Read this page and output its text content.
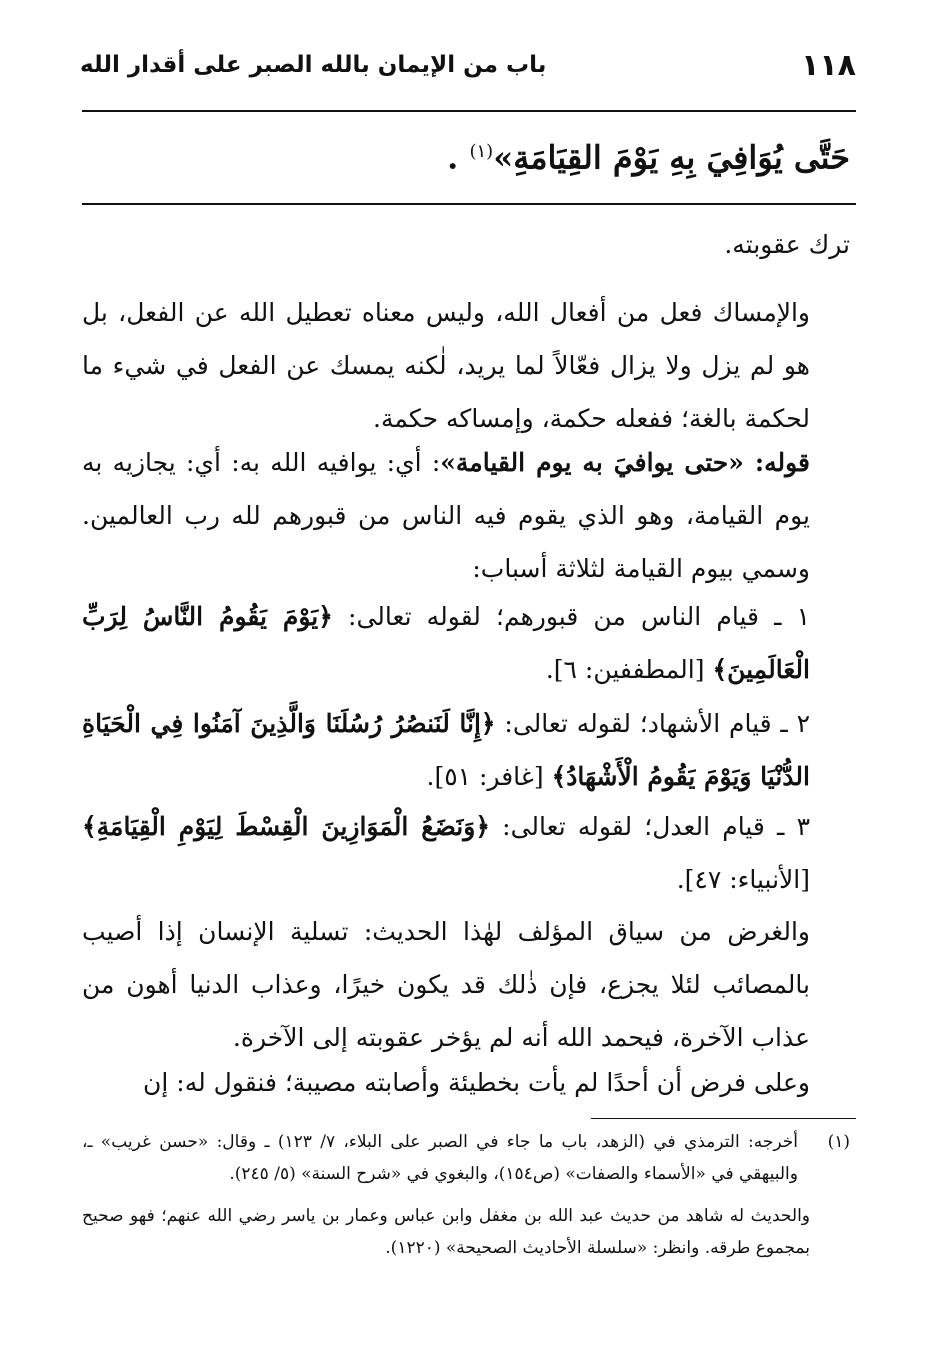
١١٨
باب من الإيمان بالله الصبر على أقدار الله
حَتَّى يُوَافِيَ بِهِ يَوْمَ القِيَامَةِ»$^{(١)}$ .
ترك عقوبته.
والإمساك فعل من أفعال الله، وليس معناه تعطيل الله عن الفعل، بل هو لم يزل ولا يزال فعّالاً لما يريد، لٰكنه يمسك عن الفعل في شيء ما لحكمة بالغة؛ ففعله حكمة، وإمساكه حكمة.
قوله: «حتى يوافيَ به يوم القيامة»: أي: يوافيه الله به: أي: يجازيه به يوم القيامة، وهو الذي يقوم فيه الناس من قبورهم لله رب العالمين. وسمي بيوم القيامة لثلاثة أسباب:
١ ـ قيام الناس من قبورهم؛ لقوله تعالى: ﴿يَوْمَ يَقُومُ النَّاسُ لِرَبِّ الْعَالَمِينَ﴾ [المطففين: ٦].
٢ ـ قيام الأشهاد؛ لقوله تعالى: ﴿إِنَّا لَنَنصُرُ رُسُلَنَا وَالَّذِينَ آمَنُوا فِي الْحَيَاةِ الدُّنْيَا وَيَوْمَ يَقُومُ الْأَشْهَادُ﴾ [غافر: ٥١].
٣ ـ قيام العدل؛ لقوله تعالى: ﴿وَنَضَعُ الْمَوَازِينَ الْقِسْطَ لِيَوْمِ الْقِيَامَةِ﴾ [الأنبياء: ٤٧].
والغرض من سياق المؤلف لهٰذا الحديث: تسلية الإنسان إذا أصيب بالمصائب لئلا يجزع، فإن ذٰلك قد يكون خيرًا، وعذاب الدنيا أهون من عذاب الآخرة، فيحمد الله أنه لم يؤخر عقوبته إلى الآخرة.
وعلى فرض أن أحدًا لم يأت بخطيئة وأصابته مصيبة؛ فنقول له: إن
(١)
أخرجه: الترمذي في (الزهد، باب ما جاء في الصبر على البلاء، ٧/ ١٢٣) ـ وقال: «حسن غريب» ـ، والبيهقي في «الأسماء والصفات» (ص١٥٤)، والبغوي في «شرح السنة» (٥/ ٢٤٥).
والحديث له شاهد من حديث عبد الله بن مغفل وابن عباس وعمار بن ياسر رضي الله عنهم؛ فهو صحيح بمجموع طرقه. وانظر: «سلسلة الأحاديث الصحيحة» (١٢٢٠).
